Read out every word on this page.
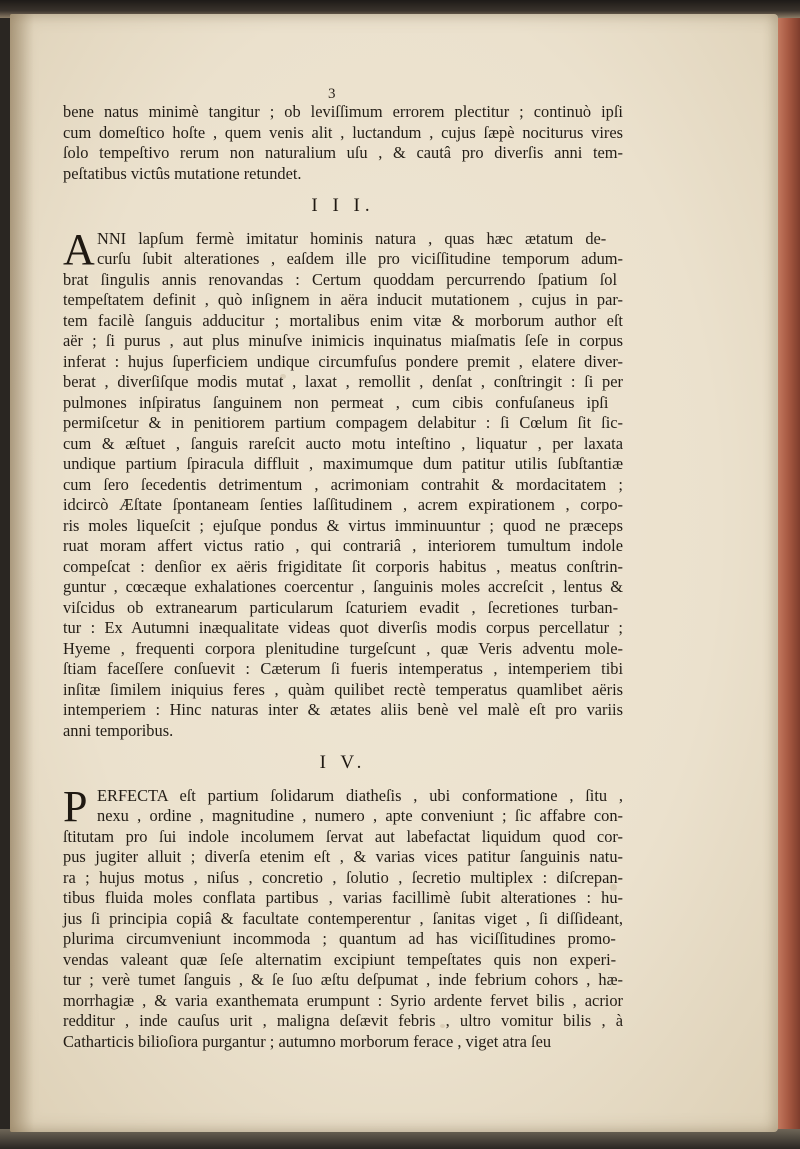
3
bene natus minimè tangitur ; ob leviſſimum errorem plectitur ; continuò ipſi
cum domeſtico hoſte , quem venis alit , luctandum , cujus ſæpè nociturus vires
ſolo tempeſtivo rerum non naturalium uſu , & cautâ pro diverſis anni tem-
peſtatibus victûs mutatione retundet.
I I I.
A NNI lapſum fermè imitatur hominis natura , quas hæc ætatum de-
curſu ſubit alterationes , eaſdem ille pro viciſſitudine temporum adum-
brat ſingulis annis renovandas : Certum quoddam percurrendo ſpatium ſol
tempeſtatem definit , quò inſignem in aëra inducit mutationem , cujus in par-
tem facilè ſanguis adducitur ; mortalibus enim vitæ & morborum author eſt
aër ; ſi purus , aut plus minuſve inimicis inquinatus miaſmatis ſeſe in corpus
inferat : hujus ſuperficiem undique circumfuſus pondere premit , elatere diver-
berat , diverſiſque modis mutat , laxat , remollit , denſat , conſtringit : ſi per
pulmones inſpiratus ſanguinem non permeat , cum cibis confuſaneus ipſi
permiſcetur & in penitiorem partium compagem delabitur : ſi Cœlum ſit ſic-
cum & æſtuet , ſanguis rareſcit aucto motu inteſtino , liquatur , per laxata
undique partium ſpiracula diffluit , maximumque dum patitur utilis ſubſtantiæ
cum ſero ſecedentis detrimentum , acrimoniam contrahit & mordacitatem ;
idcircò Æſtate ſpontaneam ſenties laſſitudinem , acrem expirationem , corpo-
ris moles liqueſcit ; ejuſque pondus & virtus imminuuntur ; quod ne præceps
ruat moram affert victus ratio , qui contrariâ , interiorem tumultum indole
compeſcat : denſior ex aëris frigiditate ſit corporis habitus , meatus conſtrin-
guntur , cœcæque exhalationes coercentur , ſanguinis moles accreſcit , lentus &
viſcidus ob extranearum particularum ſcaturiem evadit , ſecretiones turban-
tur : Ex Autumni inæqualitate videas quot diverſis modis corpus percellatur ;
Hyeme , frequenti corpora plenitudine turgeſcunt , quæ Veris adventu mole-
ſtiam faceſſere conſuevit : Cæterum ſi fueris intemperatus , intemperiem tibi
inſitæ ſimilem iniquius feres , quàm quilibet rectè temperatus quamlibet aëris
intemperiem : Hinc naturas inter & ætates aliis benè vel malè eſt pro variis
anni temporibus.
I V.
P ERFECTA eſt partium ſolidarum diatheſis , ubi conformatione , ſitu ,
nexu , ordine , magnitudine , numero , apte conveniunt ; ſic affabre con-
ſtitutam pro ſui indole incolumem ſervat aut labefactat liquidum quod cor-
pus jugiter alluit ; diverſa etenim eſt , & varias vices patitur ſanguinis natu-
ra ; hujus motus , niſus , concretio , ſolutio , ſecretio multiplex : diſcrepan-
tibus fluida moles conflata partibus , varias facillimè ſubit alterationes : hu-
jus ſi principia copiâ & facultate contemperentur , ſanitas viget , ſi diſſideant,
plurima circumveniunt incommoda ; quantum ad has viciſſitudines promo-
vendas valeant quæ ſeſe alternatim excipiunt tempeſtates quis non experi-
tur ; verè tumet ſanguis , & ſe ſuo æſtu deſpumat , inde febrium cohors , hæ-
morrhagiæ , & varia exanthemata erumpunt : Syrio ardente fervet bilis , acrior
redditur , inde cauſus urit , maligna deſævit febris , ultro vomitur bilis , à
Catharticis bilioſiora purgantur ; autumno morborum ferace , viget atra ſeu
